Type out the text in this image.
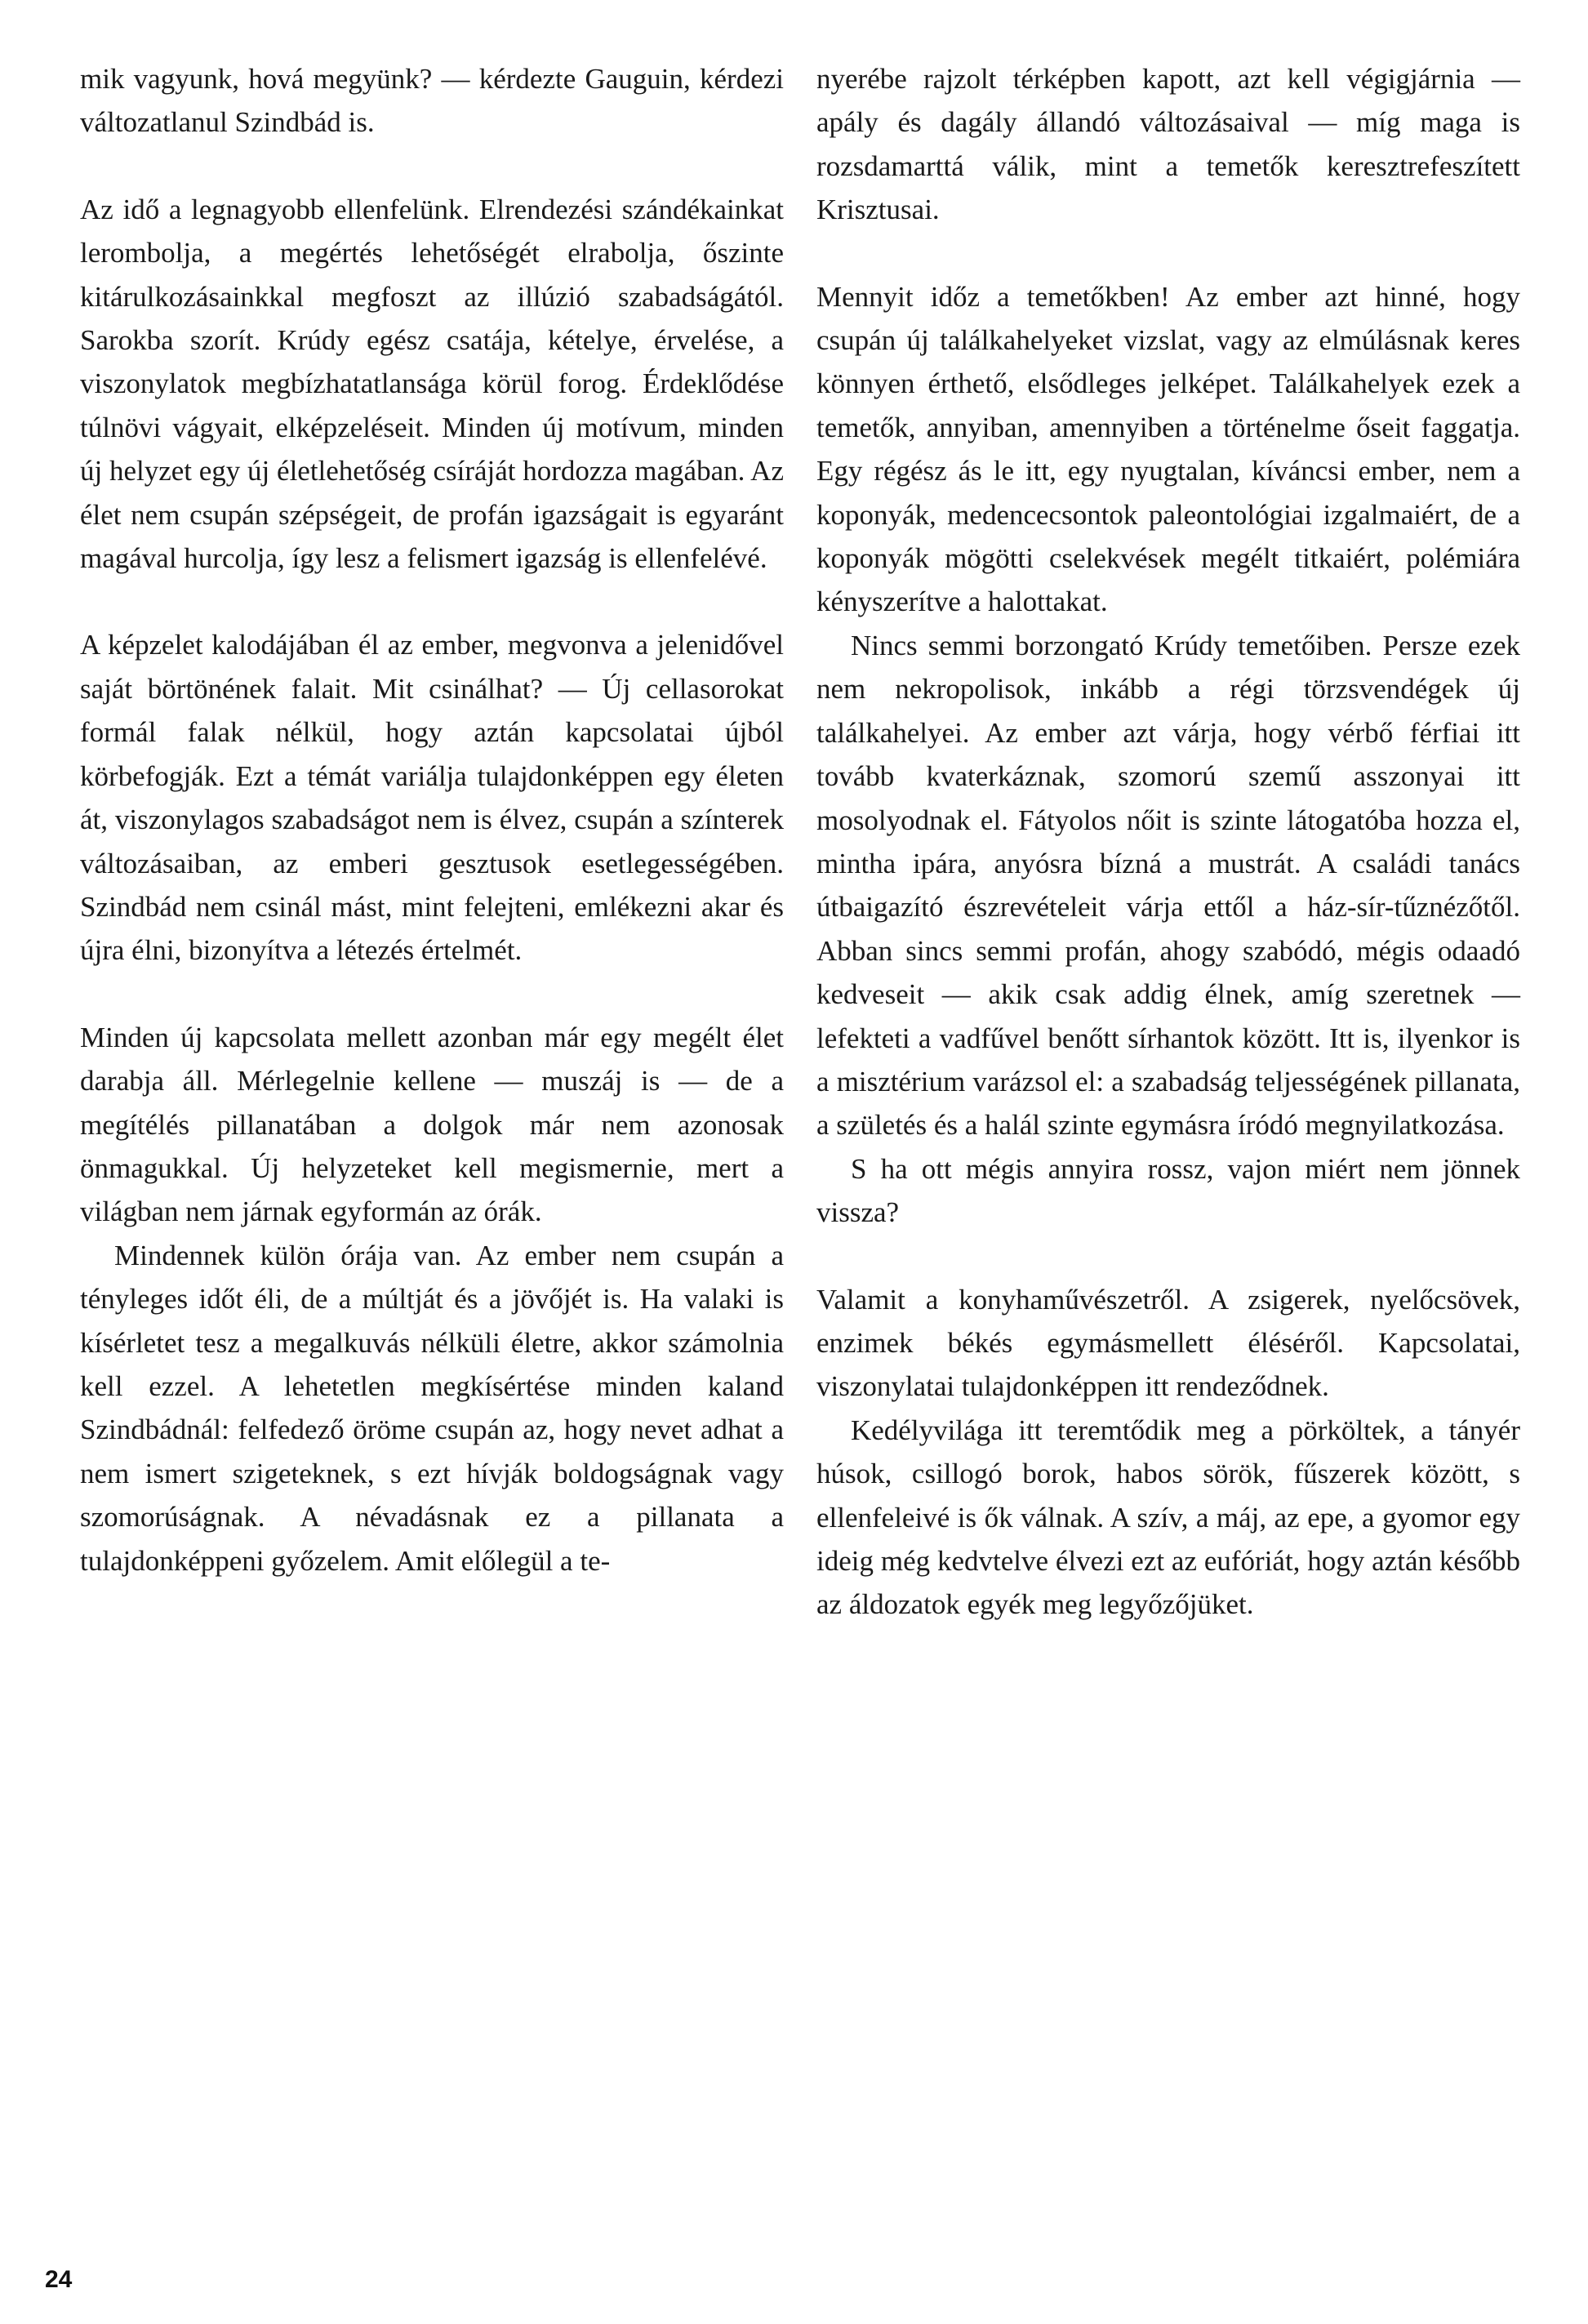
mik vagyunk, hová megyünk? — kérdezte Gauguin, kérdezi változatlanul Szindbád is.

Az idő a legnagyobb ellenfelünk. Elrendezési szándékainkat lerombolja, a megértés lehetőségét elrabolja, őszinte kitárulkozásainkkal megfoszt az illúzió szabadságától. Sarokba szorít. Krúdy egész csatája, kételye, érvelése, a viszonylatok megbízhatatlansága körül forog. Érdeklődése túlnövi vágyait, elképzeléseit. Minden új motívum, minden új helyzet egy új életlehetőség csíráját hordozza magában. Az élet nem csupán szépségeit, de profán igazságait is egyaránt magával hurcolja, így lesz a felismert igazság is ellenfelévé.

A képzelet kalodájában él az ember, megvonva a jelenidővel saját börtönének falait. Mit csinálhat? — Új cellasorokat formál falak nélkül, hogy aztán kapcsolatai újból körbefogják. Ezt a témát variálja tulajdonképpen egy életen át, viszonylagos szabadságot nem is élvez, csupán a színterek változásaiban, az emberi gesztusok esetlegességében. Szindbád nem csinál mást, mint felejteni, emlékezni akar és újra élni, bizonyítva a létezés értelmét.

Minden új kapcsolata mellett azonban már egy megélt élet darabja áll. Mérlegelnie kellene — muszáj is — de a megítélés pillanatában a dolgok már nem azonosak önmagukkal. Új helyzeteket kell megismernie, mert a világban nem járnak egyformán az órák.

Mindennek külön órája van. Az ember nem csupán a tényleges időt éli, de a múltját és a jövőjét is. Ha valaki is kísérletet tesz a megalkuvás nélküli életre, akkor számolnia kell ezzel. A lehetetlen megkísértése minden kaland Szindbádnál: felfedező öröme csupán az, hogy nevet adhat a nem ismert szigeteknek, s ezt hívják boldogságnak vagy szomorúságnak. A névadásnak ez a pillanata a tulajdonképpeni győzelem. Amit előlegül a te-

nyerébe rajzolt térképben kapott, azt kell végigjárnia — apály és dagály állandó változásaival — míg maga is rozsdamarttá válik, mint a temetők keresztrefeszített Krisztusai.

Mennyit időz a temetőkben! Az ember azt hinné, hogy csupán új találkahelyeket vizslat, vagy az elmúlásnak keres könnyen érthető, elsődleges jelképet. Találkahelyek ezek a temetők, annyiban, amennyiben a történelme őseit faggatja. Egy régész ás le itt, egy nyugtalan, kíváncsi ember, nem a koponyák, medencecsontok paleontológiai izgalmaiért, de a koponyák mögötti cselekvések megélt titkaiért, polémiára kényszerítve a halottakat.

Nincs semmi borzongató Krúdy temetőiben. Persze ezek nem nekropolisok, inkább a régi törzsvendégek új találkahelyei. Az ember azt várja, hogy vérbő férfiai itt tovább kvaterkáznak, szomorú szemű asszonyai itt mosolyodnak el. Fátyolos nőit is szinte látogatóba hozza el, mintha ipára, anyósra bízná a mustrát. A családi tanács útbaigazító észrevételeit várja ettől a ház-sír-tűznézőtől. Abban sincs semmi profán, ahogy szabódó, mégis odaadó kedveseit — akik csak addig élnek, amíg szeretnek — lefekteti a vadfűvel benőtt sírhantok között. Itt is, ilyenkor is a misztérium varázsol el: a szabadság teljességének pillanata, a születés és a halál szinte egymásra íródó megnyilatkozása.

S ha ott mégis annyira rossz, vajon miért nem jönnek vissza?

Valamit a konyhaművészetről. A zsigerek, nyelőcsövek, enzimek békés egymásmellett éléséről. Kapcsolatai, viszonylatai tulajdonképpen itt rendeződnek.

Kedélyvilága itt teremtődik meg a pörköltek, a tányér húsok, csillogó borok, habos sörök, fűszerek között, s ellenfeleivé is ők válnak. A szív, a máj, az epe, a gyomor egy ideig még kedvtelve élvezi ezt az eufóriát, hogy aztán később az áldozatok egyék meg legyőzőjüket.

24
